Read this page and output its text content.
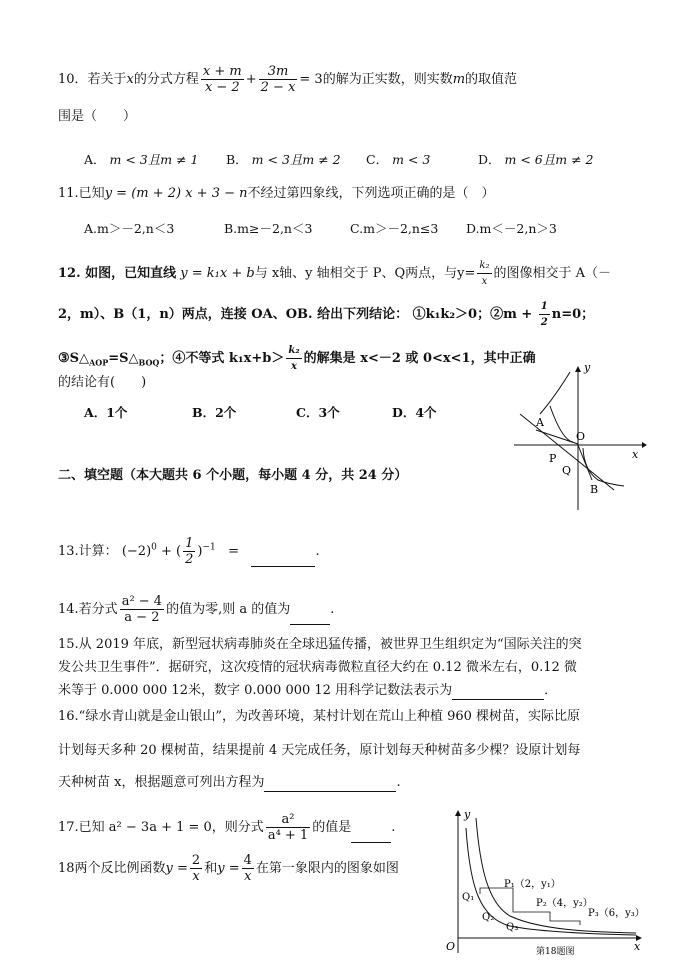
10．若关于x的分式方程 $\frac{x + m}{x - 2} + \frac{3m}{2 - x} = 3$的解为正实数，则实数m的取值范
围是（　　）
A． m < 3且m ≠ 1 B． m < 3且m ≠ 2 C． m < 3	D． m < 6且m ≠ 2
11.已知y = (m + 2) x + 3 − n不经过第四象线，下列选项正确的是（　）
A.m＞－2,n＜3	B.m≥－2,n＜3	C.m＞－2,n≤3 D.m＜－2,n＞3
12. 如图，已知直线 y = k₁x + b与 x轴、y 轴相交于 P、Q两点，与$y= \frac{\text{k₂}}{x}$ 的图像相交于 A（－
2，m）、B（1，n）两点，连接 OA、OB. 给出下列结论： ①k₁k₂＞0；②m + $\frac{1}{2} n=0$；
$③S\triangle_{AOP}=S\triangle_{BOQ}$；④不等式 $k_1x+b> \frac{\text{k₂}}{x}$ 的解集是 x<－2 或 0<x<1，其中正确
的结论有(　　)
A．1个	B．2个	C．3个	D．4个
y
x
A
O
P
Q
B
二、填空题（本大题共 6 个小题，每小题 4 分，共 24 分）
13.计算： $(-2)^0$ + ( $\frac{1}{2} )^{-1}$ =	.
14.若分式 $\frac{\text{a² − 4}}{a - 2}$ 的值为零,则 a 的值为	.
15.从 2019 年底，新型冠状病毒肺炎在全球迅猛传播，被世界卫生组织定为“国际关注的突
发公共卫生事件”．据研究，这次疫情的冠状病毒微粒直径大约在 0.12 微米左右，0.12 微
米等于 0.000 000 12米，数字 0.000 000 12 用科学记数法表示为	．
16.“绿水青山就是金山银山”，为改善环境，某村计划在荒山上种植 960 棵树苗，实际比原
计划每天多种 20 棵树苗，结果提前 4 天完成任务，原计划每天种树苗多少棵？设原计划每
天种树苗 x，根据题意可列出方程为	.
17.已知 a² − 3a + 1 = 0，则分式 $\frac{\text{a²}}{\text{a⁴ + 1}}$ 的值是	.
18两个反比例函数$y = \frac{2}{x}$ 和$y = \frac{4}{x}$ 在第一象限内的图象如图
y
x
O
P₁（2，y₁）
P₂（4，y₂）
P₃（6，y₃）
Q₁
Q₂
Q₃
第18题图
